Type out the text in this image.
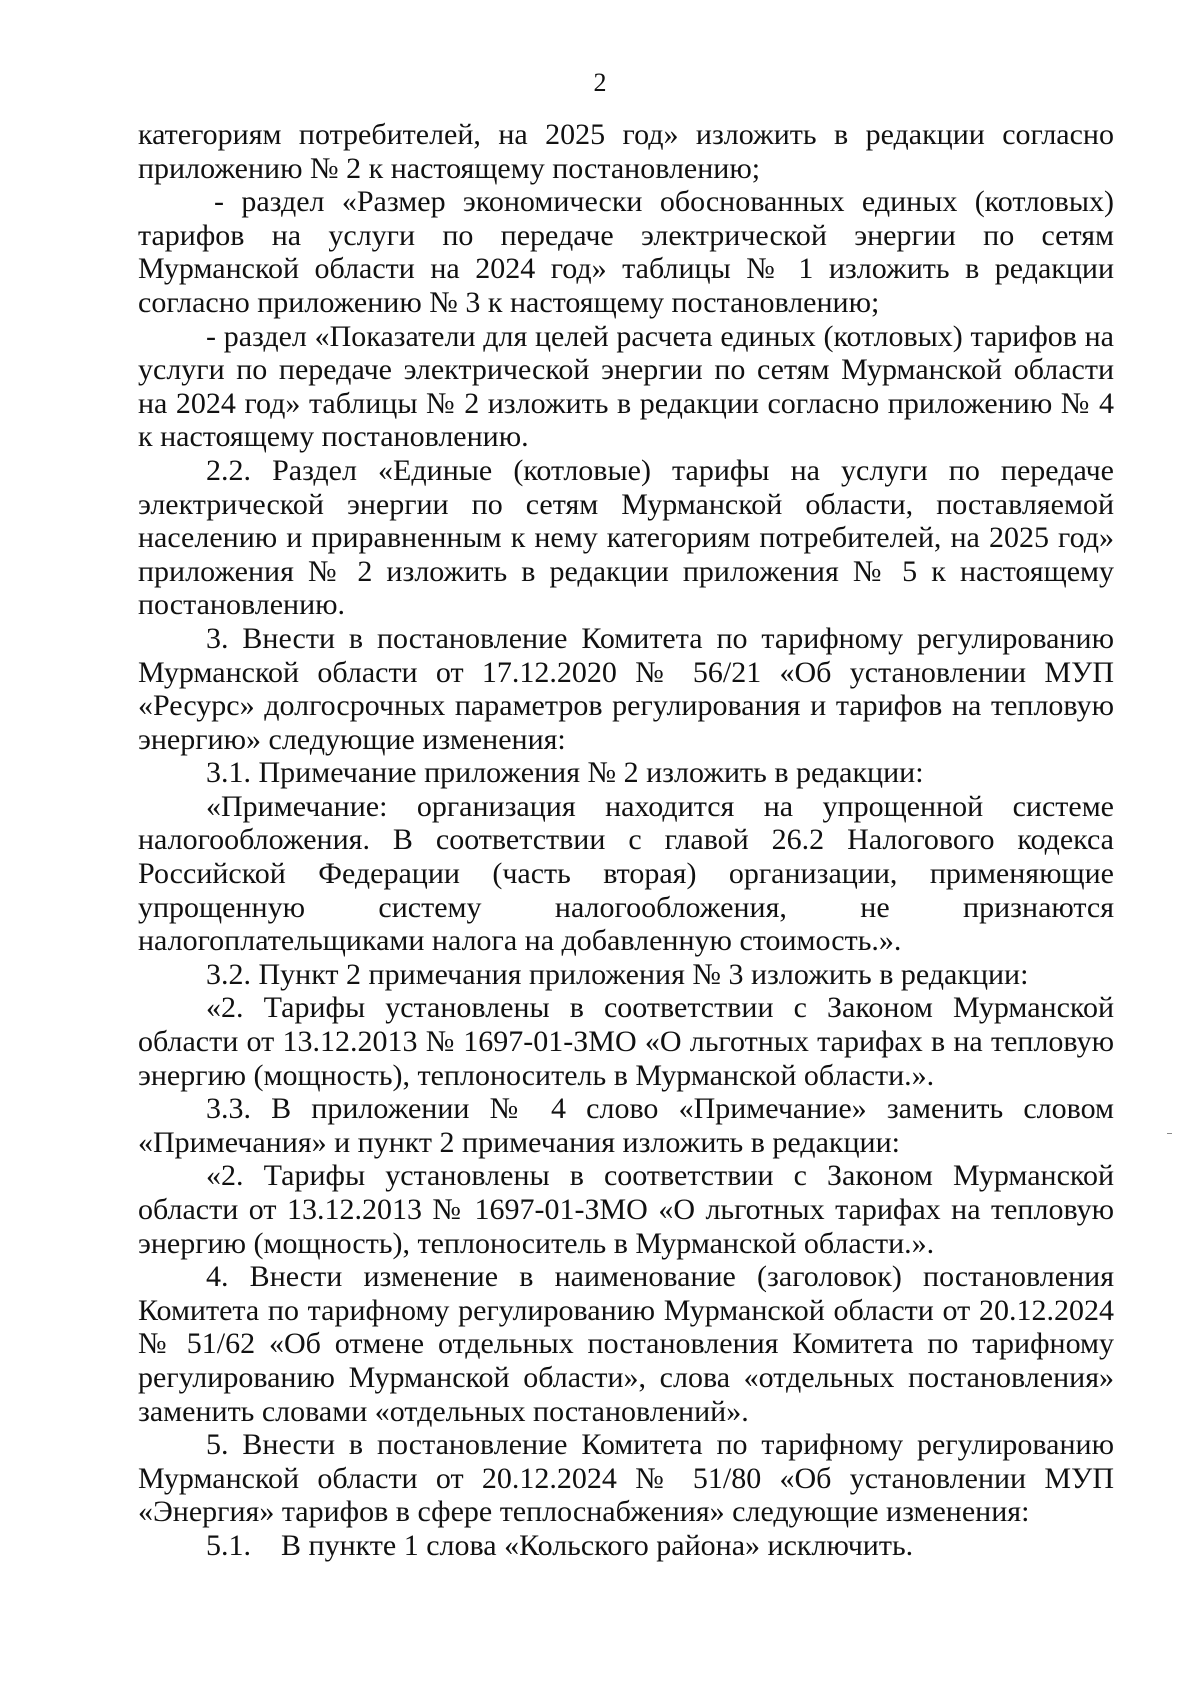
2

категориям потребителей, на 2025 год» изложить в редакции согласно приложению № 2 к настоящему постановлению;

- раздел «Размер экономически обоснованных единых (котловых) тарифов на услуги по передаче электрической энергии по сетям Мурманской области на 2024 год» таблицы № 1 изложить в редакции согласно приложению № 3 к настоящему постановлению;

- раздел «Показатели для целей расчета единых (котловых) тарифов на услуги по передаче электрической энергии по сетям Мурманской области на 2024 год» таблицы № 2 изложить в редакции согласно приложению № 4 к настоящему постановлению.

2.2. Раздел «Единые (котловые) тарифы на услуги по передаче электрической энергии по сетям Мурманской области, поставляемой населению и приравненным к нему категориям потребителей, на 2025 год» приложения № 2 изложить в редакции приложения № 5 к настоящему постановлению.

3. Внести в постановление Комитета по тарифному регулированию Мурманской области от 17.12.2020 № 56/21 «Об установлении МУП «Ресурс» долгосрочных параметров регулирования и тарифов на тепловую энергию» следующие изменения:

3.1. Примечание приложения № 2 изложить в редакции:

«Примечание: организация находится на упрощенной системе налогообложения. В соответствии с главой 26.2 Налогового кодекса Российской Федерации (часть вторая) организации, применяющие упрощенную систему налогообложения, не признаются налогоплательщиками налога на добавленную стоимость.».

3.2. Пункт 2 примечания приложения № 3 изложить в редакции:

«2. Тарифы установлены в соответствии с Законом Мурманской области от 13.12.2013 № 1697-01-ЗМО «О льготных тарифах в на тепловую энергию (мощность), теплоноситель в Мурманской области.».

3.3. В приложении № 4 слово «Примечание» заменить словом «Примечания» и пункт 2 примечания изложить в редакции:

«2. Тарифы установлены в соответствии с Законом Мурманской области от 13.12.2013 № 1697-01-ЗМО «О льготных тарифах на тепловую энергию (мощность), теплоноситель в Мурманской области.».

4. Внести изменение в наименование (заголовок) постановления Комитета по тарифному регулированию Мурманской области от 20.12.2024 № 51/62 «Об отмене отдельных постановления Комитета по тарифному регулированию Мурманской области», слова «отдельных постановления» заменить словами «отдельных постановлений».

5. Внести в постановление Комитета по тарифному регулированию Мурманской области от 20.12.2024 № 51/80 «Об установлении МУП «Энергия» тарифов в сфере теплоснабжения» следующие изменения:

5.1. В пункте 1 слова «Кольского района» исключить.
